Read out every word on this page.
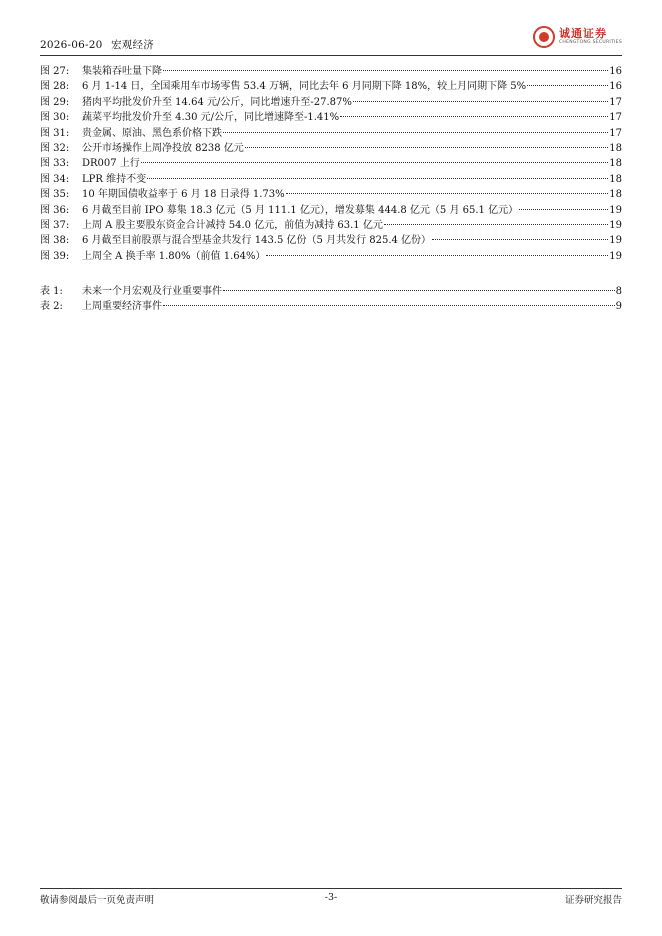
2026-06-20 宏观经济
诚通证券
CHENGTONG SECURITIES
图 27:	集装箱吞吐量下降	16
图 28:	6 月 1-14 日，全国乘用车市场零售 53.4 万辆，同比去年 6 月同期下降 18%，较上月同期下降 5%	16
图 29:	猪肉平均批发价升至 14.64 元/公斤，同比增速升至-27.87%	17
图 30:	蔬菜平均批发价升至 4.30 元/公斤，同比增速降至-1.41%	17
图 31:	贵金属、原油、黑色系价格下跌	17
图 32:	公开市场操作上周净投放 8238 亿元	18
图 33:	DR007 上行	18
图 34:	LPR 维持不变	18
图 35:	10 年期国债收益率于 6 月 18 日录得 1.73%	18
图 36:	6 月截至目前 IPO 募集 18.3 亿元（5 月 111.1 亿元），增发募集 444.8 亿元（5 月 65.1 亿元）	19
图 37:	上周 A 股主要股东资金合计减持 54.0 亿元，前值为减持 63.1 亿元	19
图 38:	6 月截至目前股票与混合型基金共发行 143.5 亿份（5 月共发行 825.4 亿份）	19
图 39:	上周全 A 换手率 1.80%（前值 1.64%）	19
表 1:	未来一个月宏观及行业重要事件	8
表 2:	上周重要经济事件	9
敬请参阅最后一页免责声明	-3-	证券研究报告
